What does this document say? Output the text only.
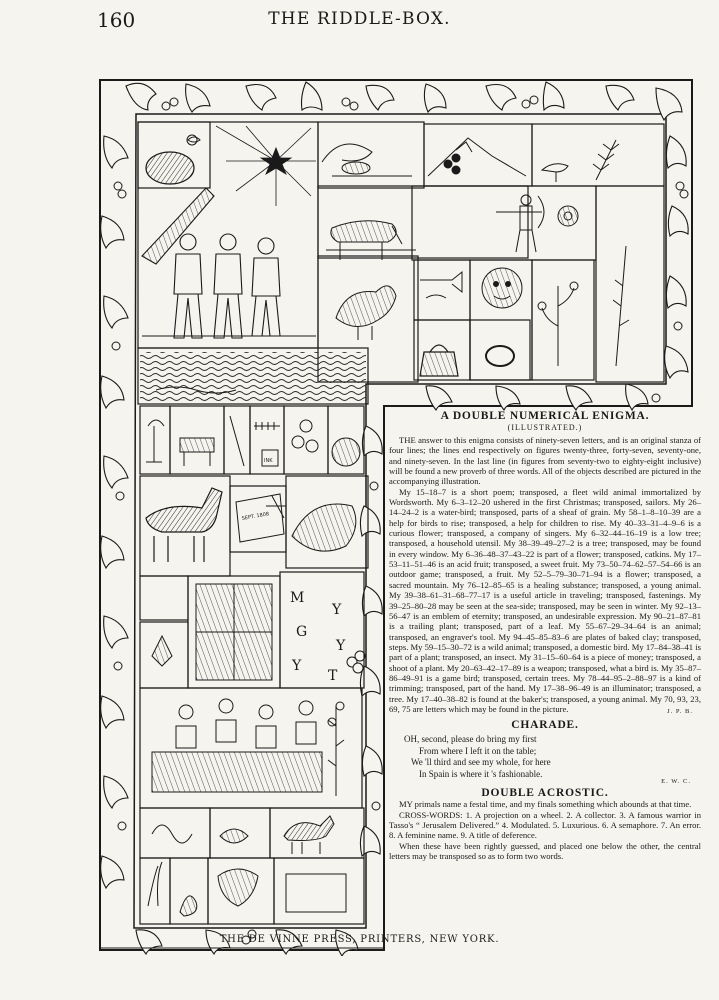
160	THE RIDDLE-BOX.
INK
SEPT. 1808
M
Y
G
Y
Y
T
A DOUBLE NUMERICAL ENIGMA.
(ILLUSTRATED.)

THE answer to this enigma consists of ninety-seven letters, and is an original stanza of four lines; the lines end respectively on figures twenty-three, forty-seven, seventy-one, and ninety-seven. In the last line (in figures from seventy-two to eighty-eight inclusive) will be found a new proverb of three words. All of the objects described are pictured in the accompanying illustration.

My 15–18–7 is a short poem; transposed, a fleet wild animal immortalized by Wordsworth. My 6–3–12–20 ushered in the first Christmas; transposed, sailors. My 26–14–24–2 is a water-bird; transposed, parts of a sheaf of grain. My 58–1–8–10–39 are a help for birds to rise; transposed, a help for children to rise. My 40–33–31–4–9–6 is a curious flower; transposed, a company of singers. My 6–32–44–16–19 is a low tree; transposed, a household utensil. My 38–39–49–27–2 is a tree; transposed, may be found in every window. My 6–36–48–37–43–22 is part of a flower; transposed, catkins. My 17–53–11–51–46 is an acid fruit; transposed, a sweet fruit. My 73–50–74–62–57–54–66 is an outdoor game; transposed, a fruit. My 52–5–79–30–71–94 is a flower; transposed, a sacred mountain. My 76–12–85–65 is a healing substance; transposed, a young animal. My 39–38–61–31–68–77–17 is a useful article in traveling; transposed, fastenings. My 39–25–80–28 may be seen at the sea-side; transposed, may be seen in winter. My 92–13–56–47 is an emblem of eternity; transposed, an undesirable expression. My 90–21–87–81 is a trailing plant; transposed, part of a leaf. My 55–67–29–34–64 is an animal; transposed, an engraver's tool. My 94–45–85–83–6 are plates of baked clay; transposed, steps. My 59–15–30–72 is a wild animal; transposed, a domestic bird. My 17–84–38–41 is part of a plant; transposed, an insect. My 31–15–60–64 is a piece of money; transposed, a shoot of a plant. My 20–63–42–17–89 is a weapon; transposed, what a bird is. My 35–87–86–49–91 is a game bird; transposed, certain trees. My 78–44–95–2–88–97 is a kind of trimming; transposed, part of the hand. My 17–38–96–49 is an illuminator; transposed, a tree. My 17–40–38–82 is found at the baker's; transposed, a young animal. My 70, 93, 23, 69, 75 are letters which may be found in the picture.	J. P. B.
CHARADE.
OH, second, please do bring my first
From where I left it on the table;
We 'll third and see my whole, for here
In Spain is where it 's fashionable.
E. W. C.
DOUBLE ACROSTIC.

MY primals name a festal time, and my finals something which abounds at that time.

CROSS-WORDS: 1. A projection on a wheel. 2. A collector. 3. A famous warrior in Tasso's “ Jerusalem Delivered.” 4. Modulated. 5. Luxurious. 6. A semaphore. 7. An error. 8. A feminine name. 9. A title of deference.

When these have been rightly guessed, and placed one below the other, the central letters may be transposed so as to form two words.

THE DE VINNE PRESS, PRINTERS, NEW YORK.
